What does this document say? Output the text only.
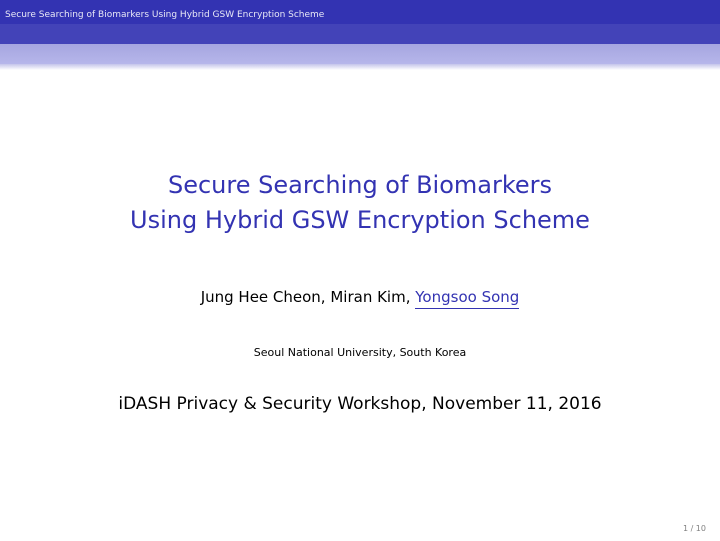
Secure Searching of Biomarkers Using Hybrid GSW Encryption Scheme
Secure Searching of Biomarkers
Using Hybrid GSW Encryption Scheme
Jung Hee Cheon, Miran Kim, Yongsoo Song
Seoul National University, South Korea
iDASH Privacy & Security Workshop, November 11, 2016
1 / 10
